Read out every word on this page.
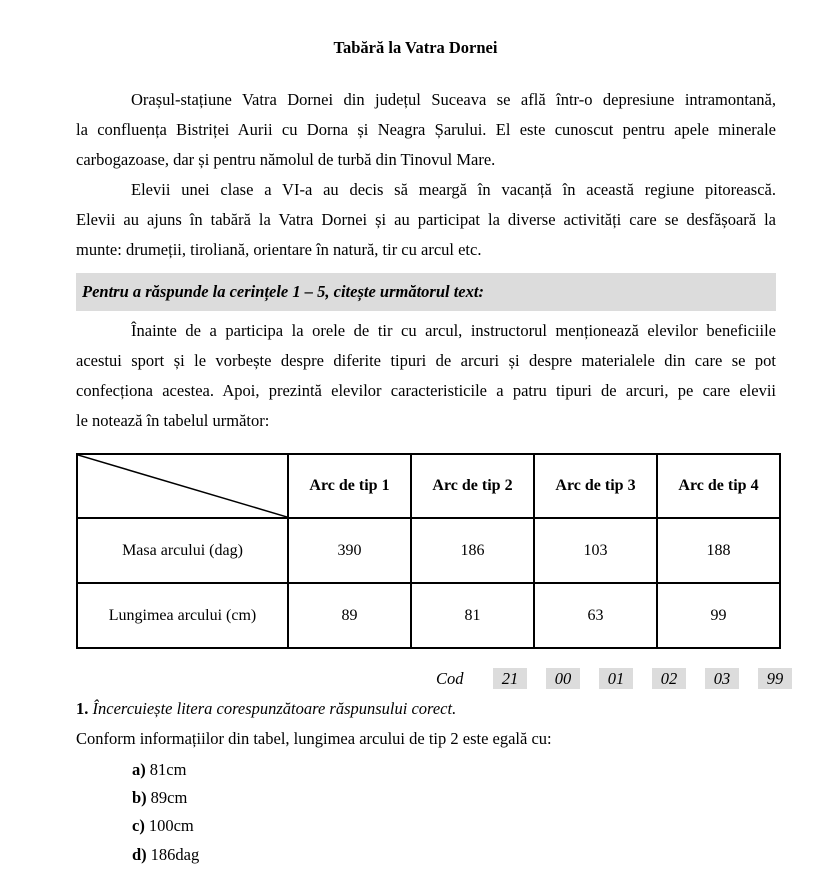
Tabără la Vatra Dornei
Orașul-stațiune Vatra Dornei din județul Suceava se află într-o depresiune intramontană,
la confluența Bistriței Aurii cu Dorna și Neagra Șarului. El este cunoscut pentru apele minerale
carbogazoase, dar și pentru nămolul de turbă din Tinovul Mare.
Elevii unei clase a VI-a au decis să meargă în vacanță în această regiune pitorească.
Elevii au ajuns în tabără la Vatra Dornei și au participat la diverse activități care se desfășoară la
munte: drumeții, tiroliană, orientare în natură, tir cu arcul etc.
Pentru a răspunde la cerințele 1 – 5, citește următorul text:
Înainte de a participa la orele de tir cu arcul, instructorul menționează elevilor beneficiile
acestui sport și le vorbește despre diferite tipuri de arcuri și despre materialele din care se pot
confecționa acestea. Apoi, prezintă elevilor caracteristicile a patru tipuri de arcuri, pe care elevii
le notează în tabelul următor:
	Arc de tip 1	Arc de tip 2	Arc de tip 3	Arc de tip 4
Masa arcului (dag)	390	186	103	188
Lungimea arcului (cm)	89	81	63	99
Cod	21	00	01	02	03	99
1. Încercuiește litera corespunzătoare răspunsului corect.
Conform informațiilor din tabel, lungimea arcului de tip 2 este egală cu:
a) 81cm
b) 89cm
c) 100cm
d) 186dag
